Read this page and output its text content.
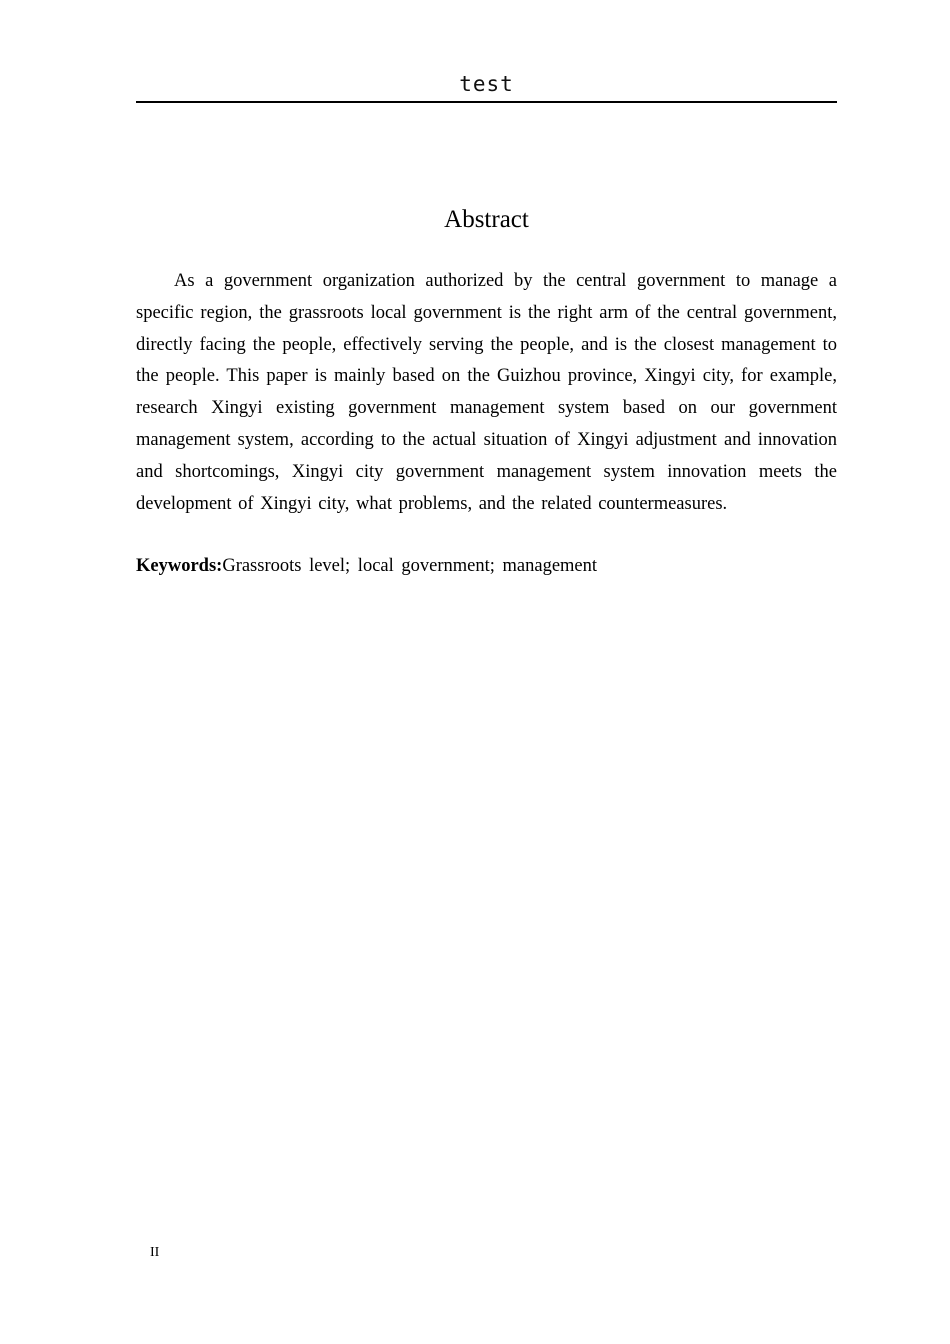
test
Abstract

As a government organization authorized by the central government to manage a specific region, the grassroots local government is the right arm of the central government, directly facing the people, effectively serving the people, and is the closest management to the people. This paper is mainly based on the Guizhou province, Xingyi city, for example, research Xingyi existing government management system based on our government management system, according to the actual situation of Xingyi adjustment and innovation and shortcomings, Xingyi city government management system innovation meets the development of Xingyi city, what problems, and the related countermeasures.

Keywords:Grassroots level; local government; management

II
